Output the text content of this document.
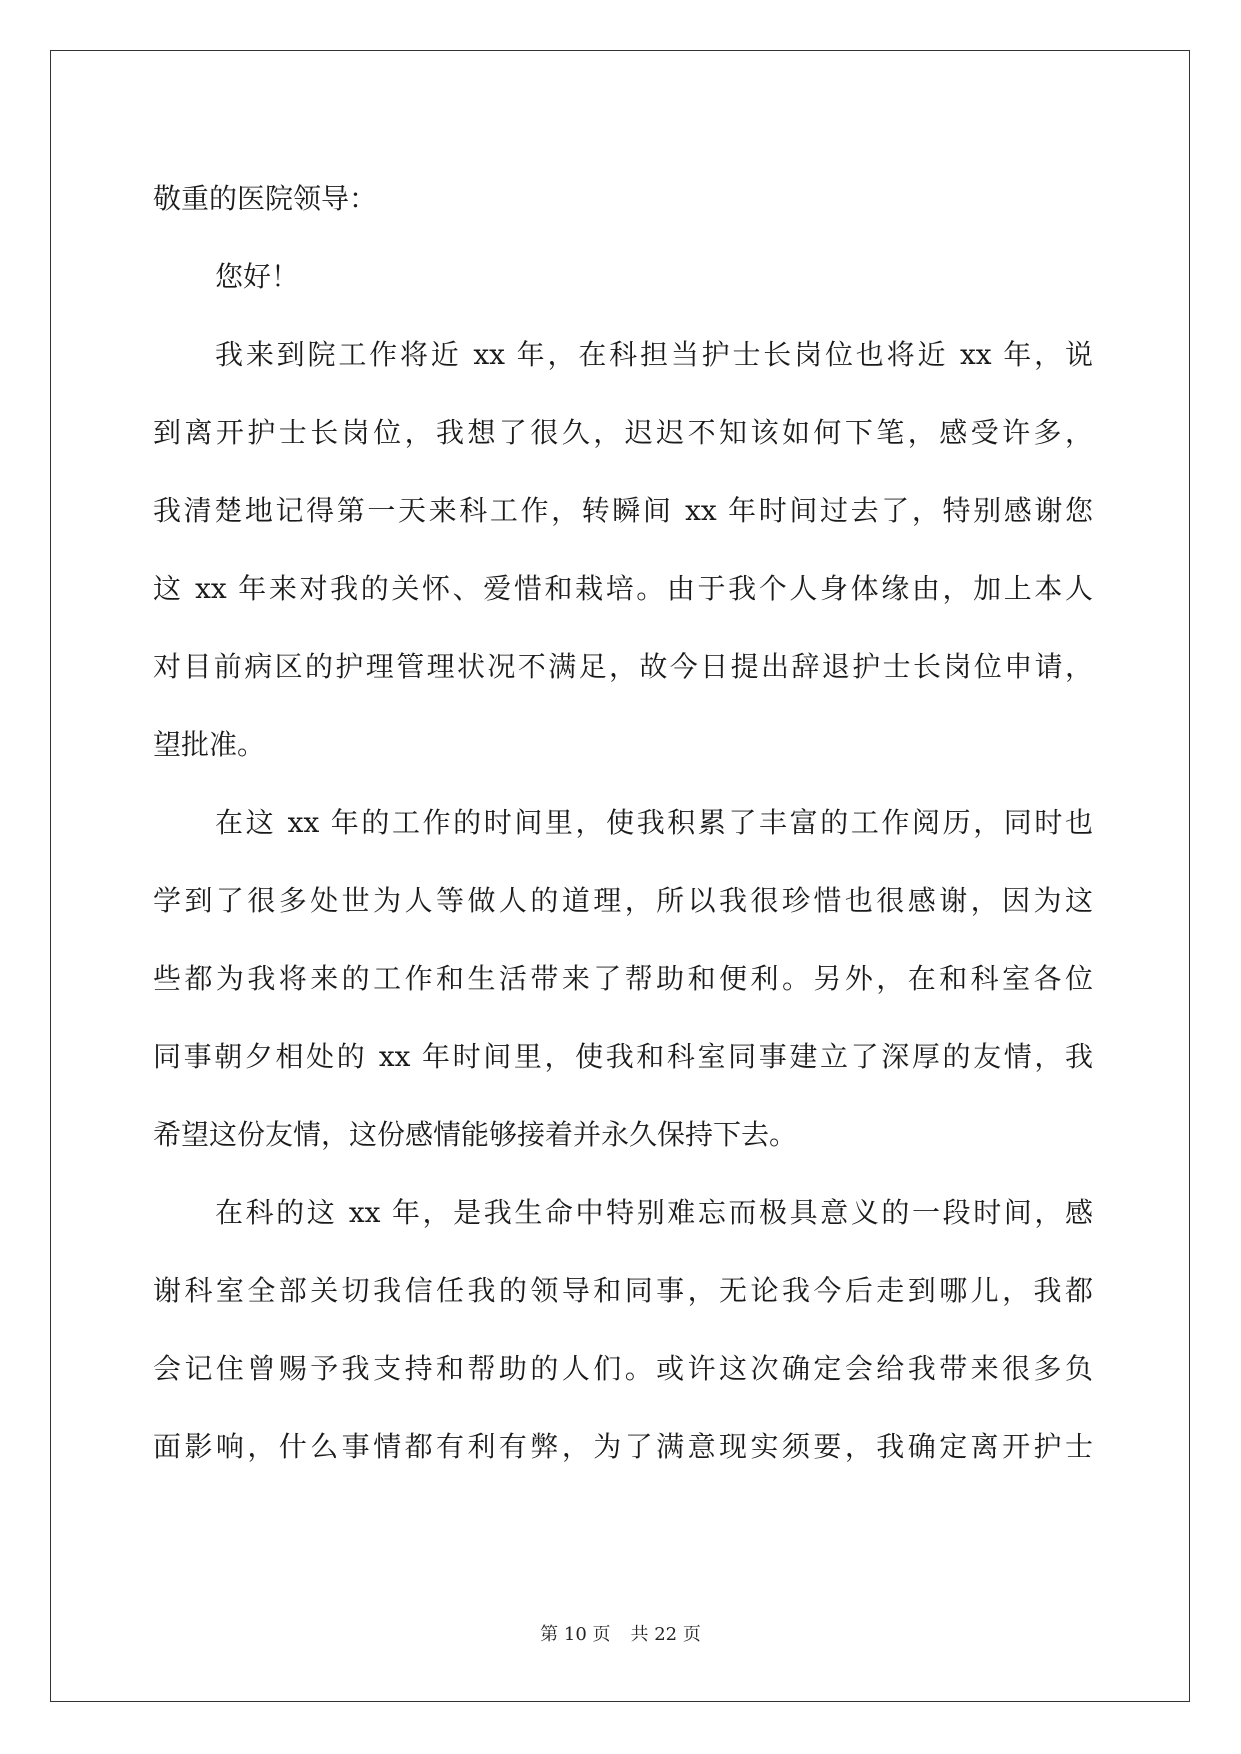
敬重的医院领导：
您好！
我来到院工作将近 xx 年，在科担当护士长岗位也将近 xx 年，说
到离开护士长岗位，我想了很久，迟迟不知该如何下笔，感受许多，
我清楚地记得第一天来科工作，转瞬间 xx 年时间过去了，特别感谢您
这 xx 年来对我的关怀、爱惜和栽培。由于我个人身体缘由，加上本人
对目前病区的护理管理状况不满足，故今日提出辞退护士长岗位申请，
望批准。
在这 xx 年的工作的时间里，使我积累了丰富的工作阅历，同时也
学到了很多处世为人等做人的道理，所以我很珍惜也很感谢，因为这
些都为我将来的工作和生活带来了帮助和便利。另外，在和科室各位
同事朝夕相处的 xx 年时间里，使我和科室同事建立了深厚的友情，我
希望这份友情，这份感情能够接着并永久保持下去。
在科的这 xx 年，是我生命中特别难忘而极具意义的一段时间，感
谢科室全部关切我信任我的领导和同事，无论我今后走到哪儿，我都
会记住曾赐予我支持和帮助的人们。或许这次确定会给我带来很多负
面影响，什么事情都有利有弊，为了满意现实须要，我确定离开护士
第 10 页 共 22 页
